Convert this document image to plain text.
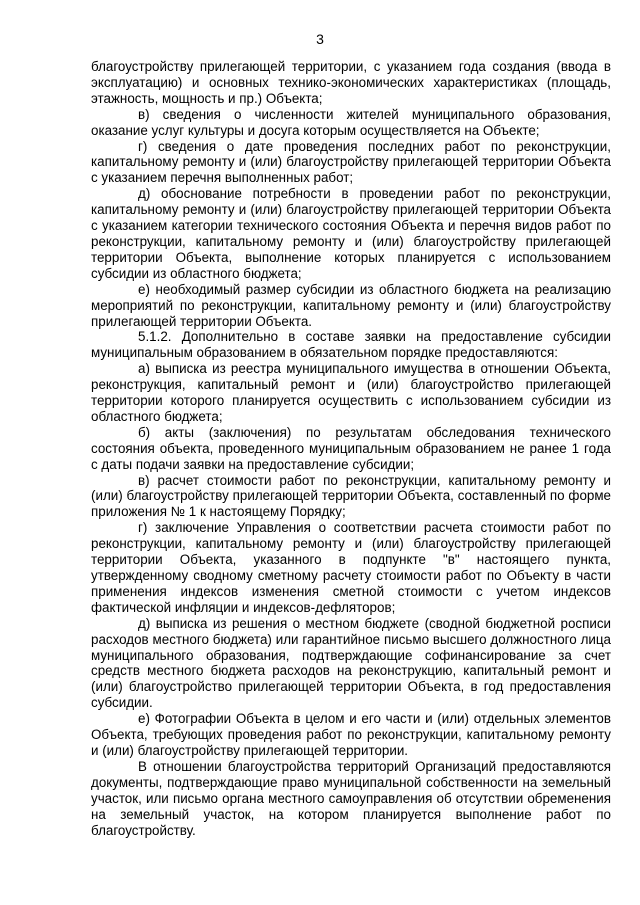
3

благоустройству прилегающей территории, с указанием года создания (ввода в эксплуатацию) и основных технико-экономических характеристиках (площадь, этажность, мощность и пр.) Объекта;

в) сведения о численности жителей муниципального образования, оказание услуг культуры и досуга которым осуществляется на Объекте;

г) сведения о дате проведения последних работ по реконструкции, капитальному ремонту и (или) благоустройству прилегающей территории Объекта с указанием перечня выполненных работ;

д) обоснование потребности в проведении работ по реконструкции, капитальному ремонту и (или) благоустройству прилегающей территории Объекта с указанием категории технического состояния Объекта и перечня видов работ по реконструкции, капитальному ремонту и (или) благоустройству прилегающей территории Объекта, выполнение которых планируется с использованием субсидии из областного бюджета;

е) необходимый размер субсидии из областного бюджета на реализацию мероприятий по реконструкции, капитальному ремонту и (или) благоустройству прилегающей территории Объекта.

5.1.2. Дополнительно в составе заявки на предоставление субсидии муниципальным образованием в обязательном порядке предоставляются:

а) выписка из реестра муниципального имущества в отношении Объекта, реконструкция, капитальный ремонт и (или) благоустройство прилегающей территории которого планируется осуществить с использованием субсидии из областного бюджета;

б) акты (заключения) по результатам обследования технического состояния объекта, проведенного муниципальным образованием не ранее 1 года с даты подачи заявки на предоставление субсидии;

в) расчет стоимости работ по реконструкции, капитальному ремонту и (или) благоустройству прилегающей территории Объекта, составленный по форме приложения № 1 к настоящему Порядку;

г) заключение Управления о соответствии расчета стоимости работ по реконструкции, капитальному ремонту и (или) благоустройству прилегающей территории Объекта, указанного в подпункте "в" настоящего пункта, утвержденному сводному сметному расчету стоимости работ по Объекту в части применения индексов изменения сметной стоимости с учетом индексов фактической инфляции и индексов-дефляторов;

д) выписка из решения о местном бюджете (сводной бюджетной росписи расходов местного бюджета) или гарантийное письмо высшего должностного лица муниципального образования, подтверждающие софинансирование за счет средств местного бюджета расходов на реконструкцию, капитальный ремонт и (или) благоустройство прилегающей территории Объекта, в год предоставления субсидии.

е) Фотографии Объекта в целом и его части и (или) отдельных элементов Объекта, требующих проведения работ по реконструкции, капитальному ремонту и (или) благоустройству прилегающей территории.

В отношении благоустройства территорий Организаций предоставляются документы, подтверждающие право муниципальной собственности на земельный участок, или письмо органа местного самоуправления об отсутствии обременения на земельный участок, на котором планируется выполнение работ по благоустройству.
